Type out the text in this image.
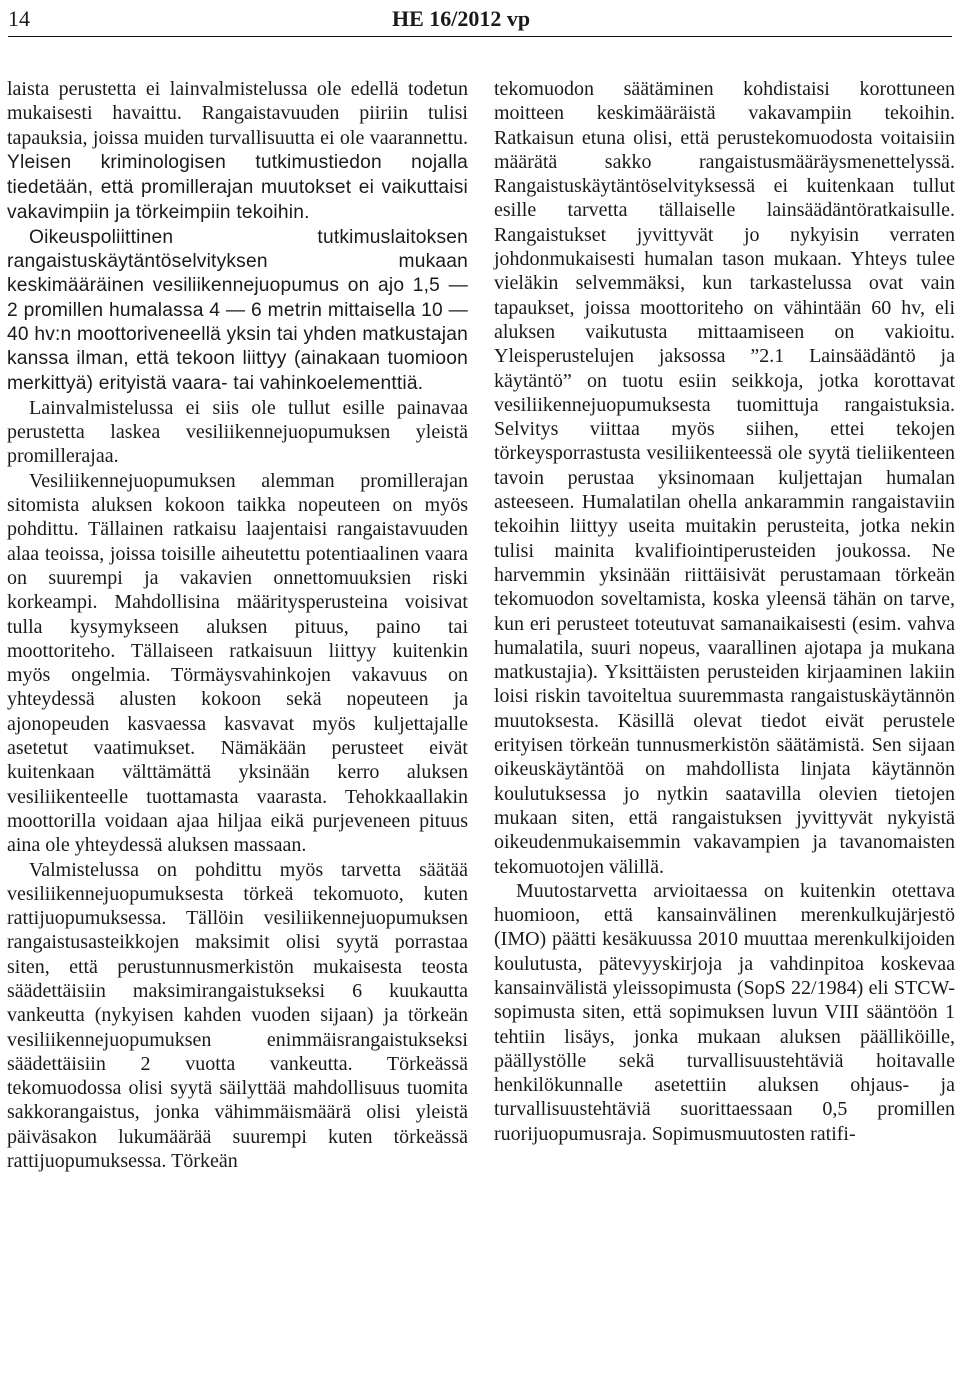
14	HE 16/2012 vp

laista perustetta ei lainvalmistelussa ole edellä todetun mukaisesti havaittu. Rangaistavuuden piiriin tulisi tapauksia, joissa muiden turvallisuutta ei ole vaarannettu. Yleisen kriminologisen tutkimustiedon nojalla tiedetään, että promillerajan muutokset ei vaikuttaisi vakavimpiin ja törkeimpiin tekoihin.

Oikeuspoliittinen tutkimuslaitoksen rangaistuskäytäntöselvityksen mukaan keskimääräinen vesiliikennejuopumus on ajo 1,5 ― 2 promillen humalassa 4 ― 6 metrin mittaisella 10 ― 40 hv:n moottoriveneellä yksin tai yhden matkustajan kanssa ilman, että tekoon liittyy (ainakaan tuomioon merkittyä) erityistä vaara- tai vahinkoelementtiä.

Lainvalmistelussa ei siis ole tullut esille painavaa perustetta laskea vesiliikennejuopumuksen yleistä promillerajaa.

Vesiliikennejuopumuksen alemman promillerajan sitomista aluksen kokoon taikka nopeuteen on myös pohdittu. Tällainen ratkaisu laajentaisi rangaistavuuden alaa teoissa, joissa toisille aiheutettu potentiaalinen vaara on suurempi ja vakavien onnettomuuksien riski korkeampi. Mahdollisina määritysperusteina voisivat tulla kysymykseen aluksen pituus, paino tai moottoriteho. Tällaiseen ratkaisuun liittyy kuitenkin myös ongelmia. Törmäysvahinkojen vakavuus on yhteydessä alusten kokoon sekä nopeuteen ja ajonopeuden kasvaessa kasvavat myös kuljettajalle asetetut vaatimukset. Nämäkään perusteet eivät kuitenkaan välttämättä yksinään kerro aluksen vesiliikenteelle tuottamasta vaarasta. Tehokkaallakin moottorilla voidaan ajaa hiljaa eikä purjeveneen pituus aina ole yhteydessä aluksen massaan.

Valmistelussa on pohdittu myös tarvetta säätää vesiliikennejuopumuksesta törkeä tekomuoto, kuten rattijuopumuksessa. Tällöin vesiliikennejuopumuksen rangaistusasteikkojen maksimit olisi syytä porrastaa siten, että perustunnusmerkistön mukaisesta teosta säädettäisiin maksimirangaistukseksi 6 kuukautta vankeutta (nykyisen kahden vuoden sijaan) ja törkeän vesiliikennejuopumuksen enimmäisrangaistukseksi säädettäisiin 2 vuotta vankeutta. Törkeässä tekomuodossa olisi syytä säilyttää mahdollisuus tuomita sakkorangaistus, jonka vähimmäismäärä olisi yleistä päiväsakon lukumäärää suurempi kuten törkeässä rattijuopumuksessa. Törkeän

tekomuodon säätäminen kohdistaisi korottuneen moitteen keskimääräistä vakavampiin tekoihin. Ratkaisun etuna olisi, että perustekomuodosta voitaisiin määrätä sakko rangaistusmääräysmenettelyssä. Rangaistuskäytäntöselvityksessä ei kuitenkaan tullut esille tarvetta tällaiselle lainsäädäntöratkaisulle. Rangaistukset jyvittyvät jo nykyisin verraten johdonmukaisesti humalan tason mukaan. Yhteys tulee vieläkin selvemmäksi, kun tarkastelussa ovat vain tapaukset, joissa moottoriteho on vähintään 60 hv, eli aluksen vaikutusta mittaamiseen on vakioitu. Yleisperustelujen jaksossa ”2.1 Lainsäädäntö ja käytäntö” on tuotu esiin seikkoja, jotka korottavat vesiliikennejuopumuksesta tuomittuja rangaistuksia. Selvitys viittaa myös siihen, ettei tekojen törkeysporrastusta vesiliikenteessä ole syytä tieliikenteen tavoin perustaa yksinomaan kuljettajan humalan asteeseen. Humalatilan ohella ankarammin rangaistaviin tekoihin liittyy useita muitakin perusteita, jotka nekin tulisi mainita kvalifiointiperusteiden joukossa. Ne harvemmin yksinään riittäisivät perustamaan törkeän tekomuodon soveltamista, koska yleensä tähän on tarve, kun eri perusteet toteutuvat samanaikaisesti (esim. vahva humalatila, suuri nopeus, vaarallinen ajotapa ja mukana matkustajia). Yksittäisten perusteiden kirjaaminen lakiin loisi riskin tavoiteltua suuremmasta rangaistuskäytännön muutoksesta. Käsillä olevat tiedot eivät perustele erityisen törkeän tunnusmerkistön säätämistä. Sen sijaan oikeuskäytäntöä on mahdollista linjata käytännön koulutuksessa jo nytkin saatavilla olevien tietojen mukaan siten, että rangaistuksen jyvittyvät nykyistä oikeudenmukaisemmin vakavampien ja tavanomaisten tekomuotojen välillä.

Muutostarvetta arvioitaessa on kuitenkin otettava huomioon, että kansainvälinen merenkulkujärjestö (IMO) päätti kesäkuussa 2010 muuttaa merenkulkijoiden koulutusta, pätevyyskirjoja ja vahdinpitoa koskevaa kansainvälistä yleissopimusta (SopS 22/1984) eli STCW-sopimusta siten, että sopimuksen luvun VIII sääntöön 1 tehtiin lisäys, jonka mukaan aluksen päälliköille, päällystölle sekä turvallisuustehtäviä hoitavalle henkilökunnalle asetettiin aluksen ohjaus- ja turvallisuustehtäviä suorittaessaan 0,5 promillen ruorijuopumusraja. Sopimusmuutosten ratifi-
